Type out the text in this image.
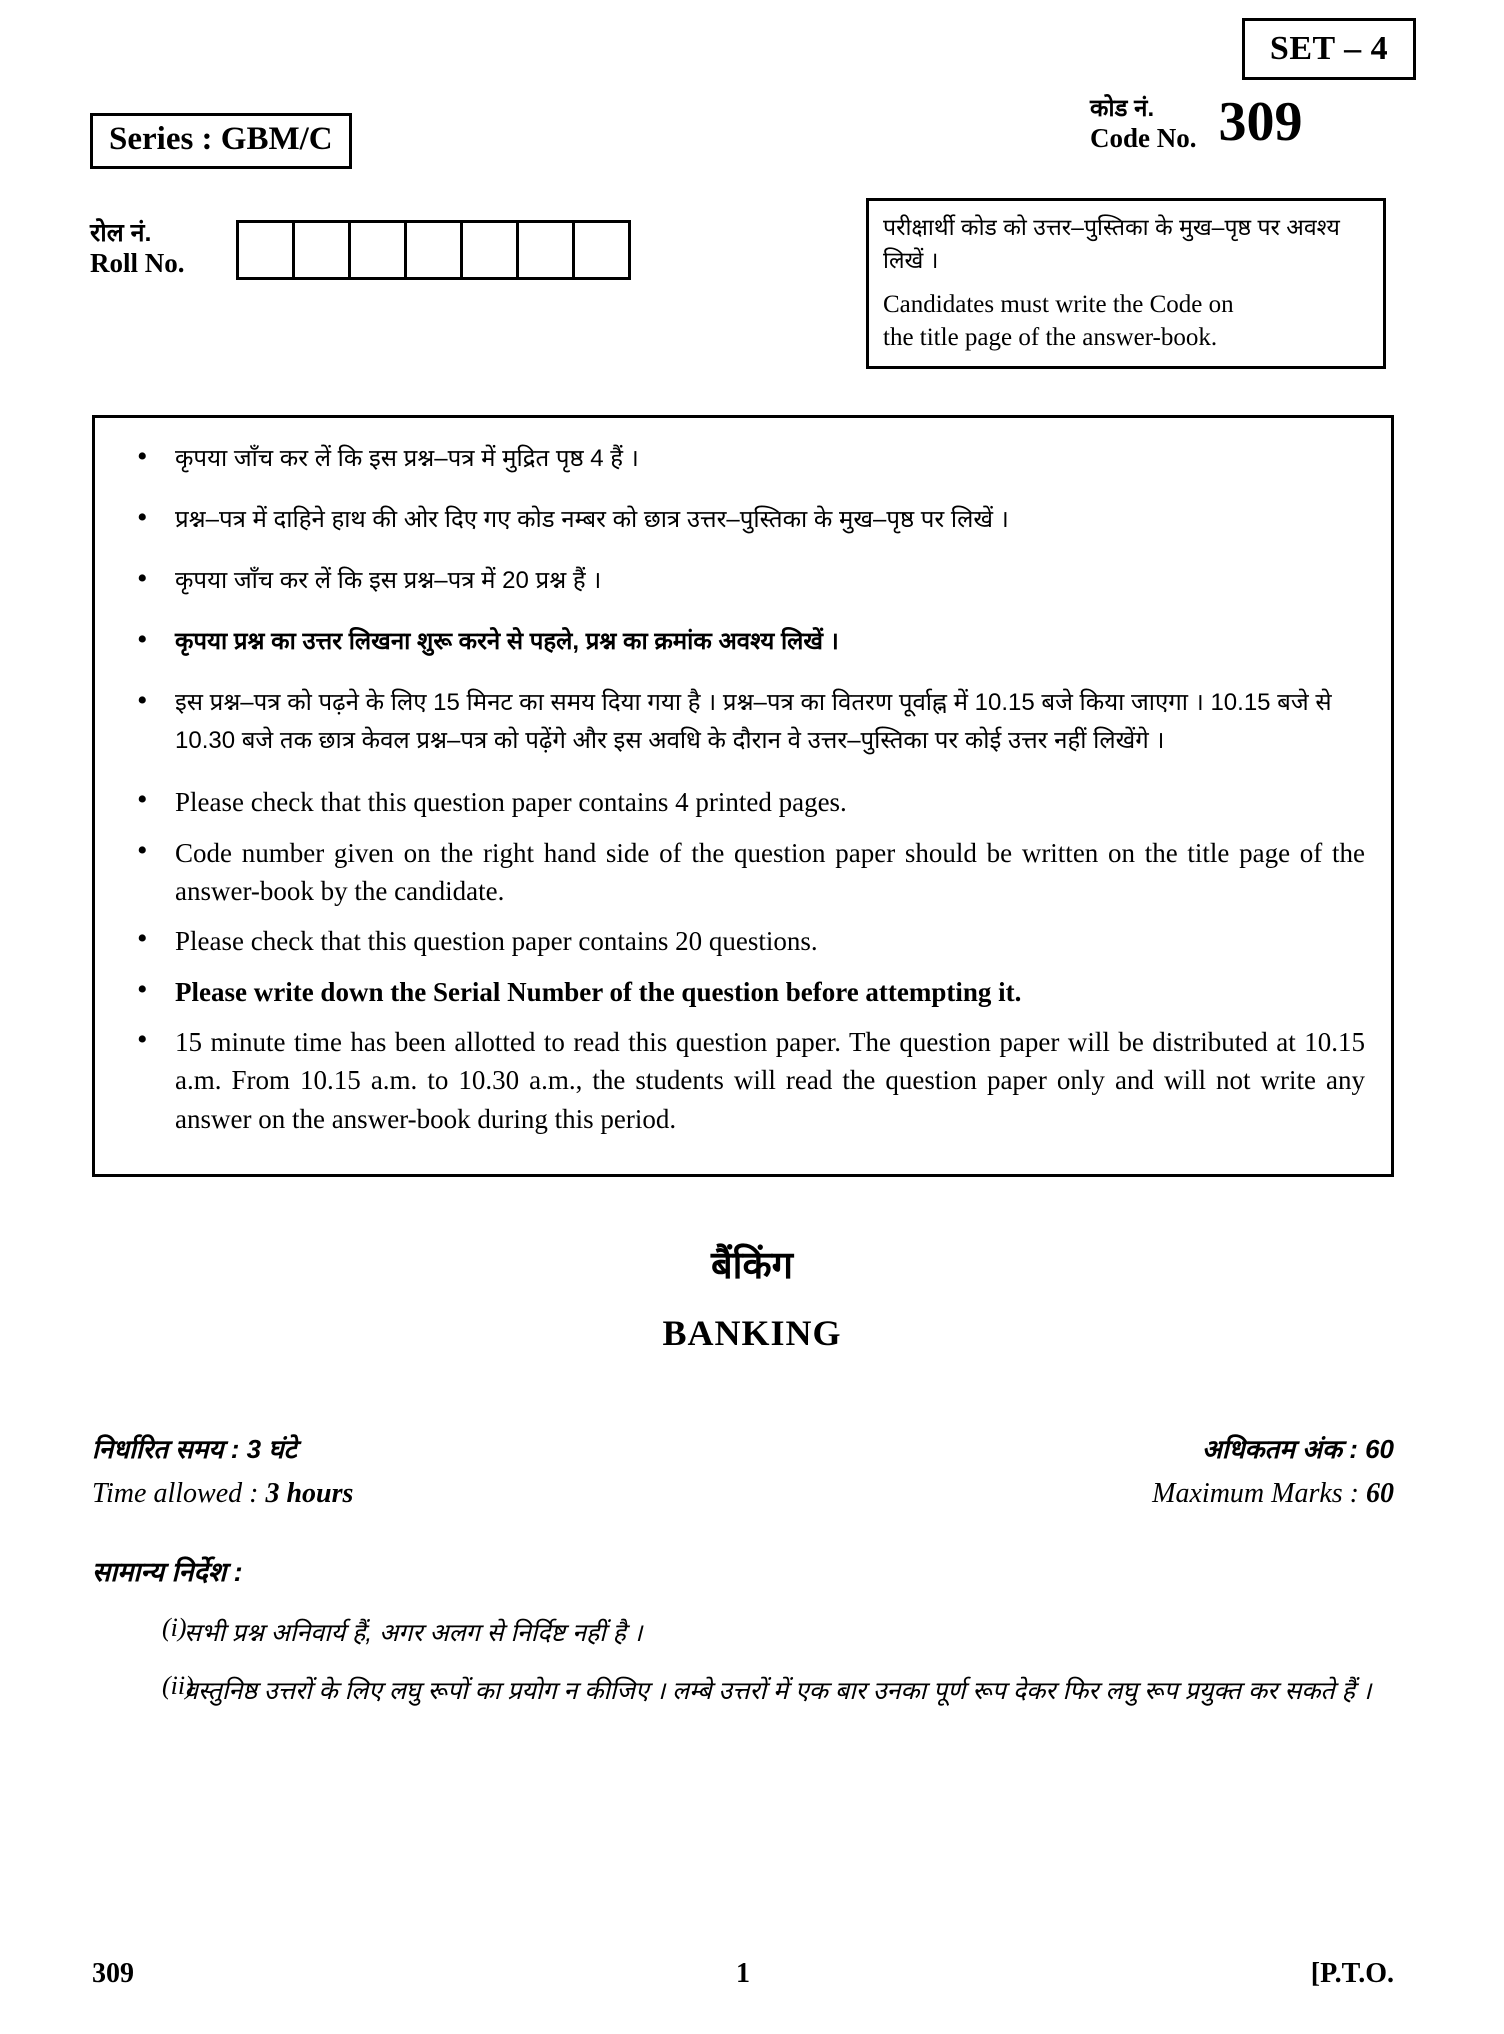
SET – 4
कोड नं.
Code No. 309
Series : GBM/C
रोल नं.
Roll No.
परीक्षार्थी कोड को उत्तर–पुस्तिका के मुख–पृष्ठ पर अवश्य लिखें ।
Candidates must write the Code on
the title page of the answer-book.
• कृपया जाँच कर लें कि इस प्रश्न–पत्र में मुद्रित पृष्ठ 4 हैं ।
• प्रश्न–पत्र में दाहिने हाथ की ओर दिए गए कोड नम्बर को छात्र उत्तर–पुस्तिका के मुख–पृष्ठ पर लिखें ।
• कृपया जाँच कर लें कि इस प्रश्न–पत्र में 20 प्रश्न हैं ।
• कृपया प्रश्न का उत्तर लिखना शुरू करने से पहले, प्रश्न का क्रमांक अवश्य लिखें ।
• इस प्रश्न–पत्र को पढ़ने के लिए 15 मिनट का समय दिया गया है । प्रश्न–पत्र का वितरण पूर्वाह्न में 10.15 बजे किया जाएगा । 10.15 बजे से 10.30 बजे तक छात्र केवल प्रश्न–पत्र को पढ़ेंगे और इस अवधि के दौरान वे उत्तर–पुस्तिका पर कोई उत्तर नहीं लिखेंगे ।
• Please check that this question paper contains 4 printed pages.
• Code number given on the right hand side of the question paper should be written on the title page of the answer-book by the candidate.
• Please check that this question paper contains 20 questions.
• Please write down the Serial Number of the question before attempting it.
• 15 minute time has been allotted to read this question paper. The question paper will be distributed at 10.15 a.m. From 10.15 a.m. to 10.30 a.m., the students will read the question paper only and will not write any answer on the answer-book during this period.
बैंकिंग
BANKING
निर्धारित समय : 3 घंटे	अधिकतम अंक : 60
Time allowed : 3 hours	Maximum Marks : 60
सामान्य निर्देश :
(i)
सभी प्रश्न अनिवार्य हैं, अगर अलग से निर्दिष्ट नहीं है ।
(ii)
वस्तुनिष्ठ उत्तरों के लिए लघु रूपों का प्रयोग न कीजिए । लम्बे उत्तरों में एक बार उनका पूर्ण रूप देकर फिर लघु रूप प्रयुक्त कर सकते हैं ।
309	1	[P.T.O.
